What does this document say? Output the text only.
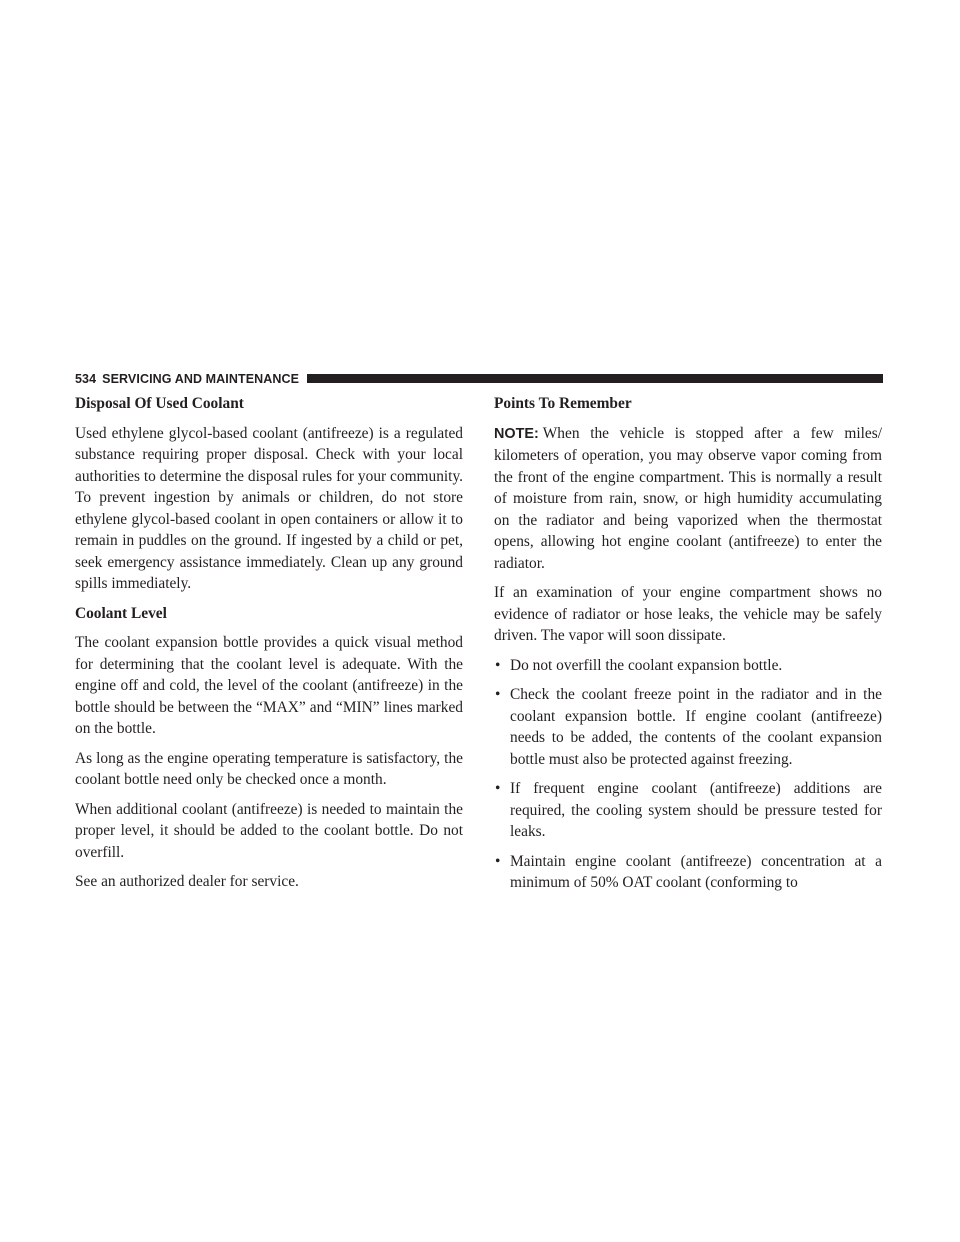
534 SERVICING AND MAINTENANCE
Disposal Of Used Coolant

Used ethylene glycol-based coolant (antifreeze) is a regulated substance requiring proper disposal. Check with your local authorities to determine the disposal rules for your community. To prevent ingestion by animals or children, do not store ethylene glycol-based coolant in open containers or allow it to remain in puddles on the ground. If ingested by a child or pet, seek emergency assistance immediately. Clean up any ground spills immediately.

Coolant Level

The coolant expansion bottle provides a quick visual method for determining that the coolant level is adequate. With the engine off and cold, the level of the coolant (antifreeze) in the bottle should be between the “MAX” and “MIN” lines marked on the bottle.

As long as the engine operating temperature is satisfactory, the coolant bottle need only be checked once a month.

When additional coolant (antifreeze) is needed to maintain the proper level, it should be added to the coolant bottle. Do not overfill.

See an authorized dealer for service.

Points To Remember

NOTE: When the vehicle is stopped after a few miles/ kilometers of operation, you may observe vapor coming from the front of the engine compartment. This is normally a result of moisture from rain, snow, or high humidity accumulating on the radiator and being vaporized when the thermostat opens, allowing hot engine coolant (antifreeze) to enter the radiator.

If an examination of your engine compartment shows no evidence of radiator or hose leaks, the vehicle may be safely driven. The vapor will soon dissipate.

• Do not overfill the coolant expansion bottle.
• Check the coolant freeze point in the radiator and in the coolant expansion bottle. If engine coolant (antifreeze) needs to be added, the contents of the coolant expansion bottle must also be protected against freezing.
• If frequent engine coolant (antifreeze) additions are required, the cooling system should be pressure tested for leaks.
• Maintain engine coolant (antifreeze) concentration at a minimum of 50% OAT coolant (conforming to
